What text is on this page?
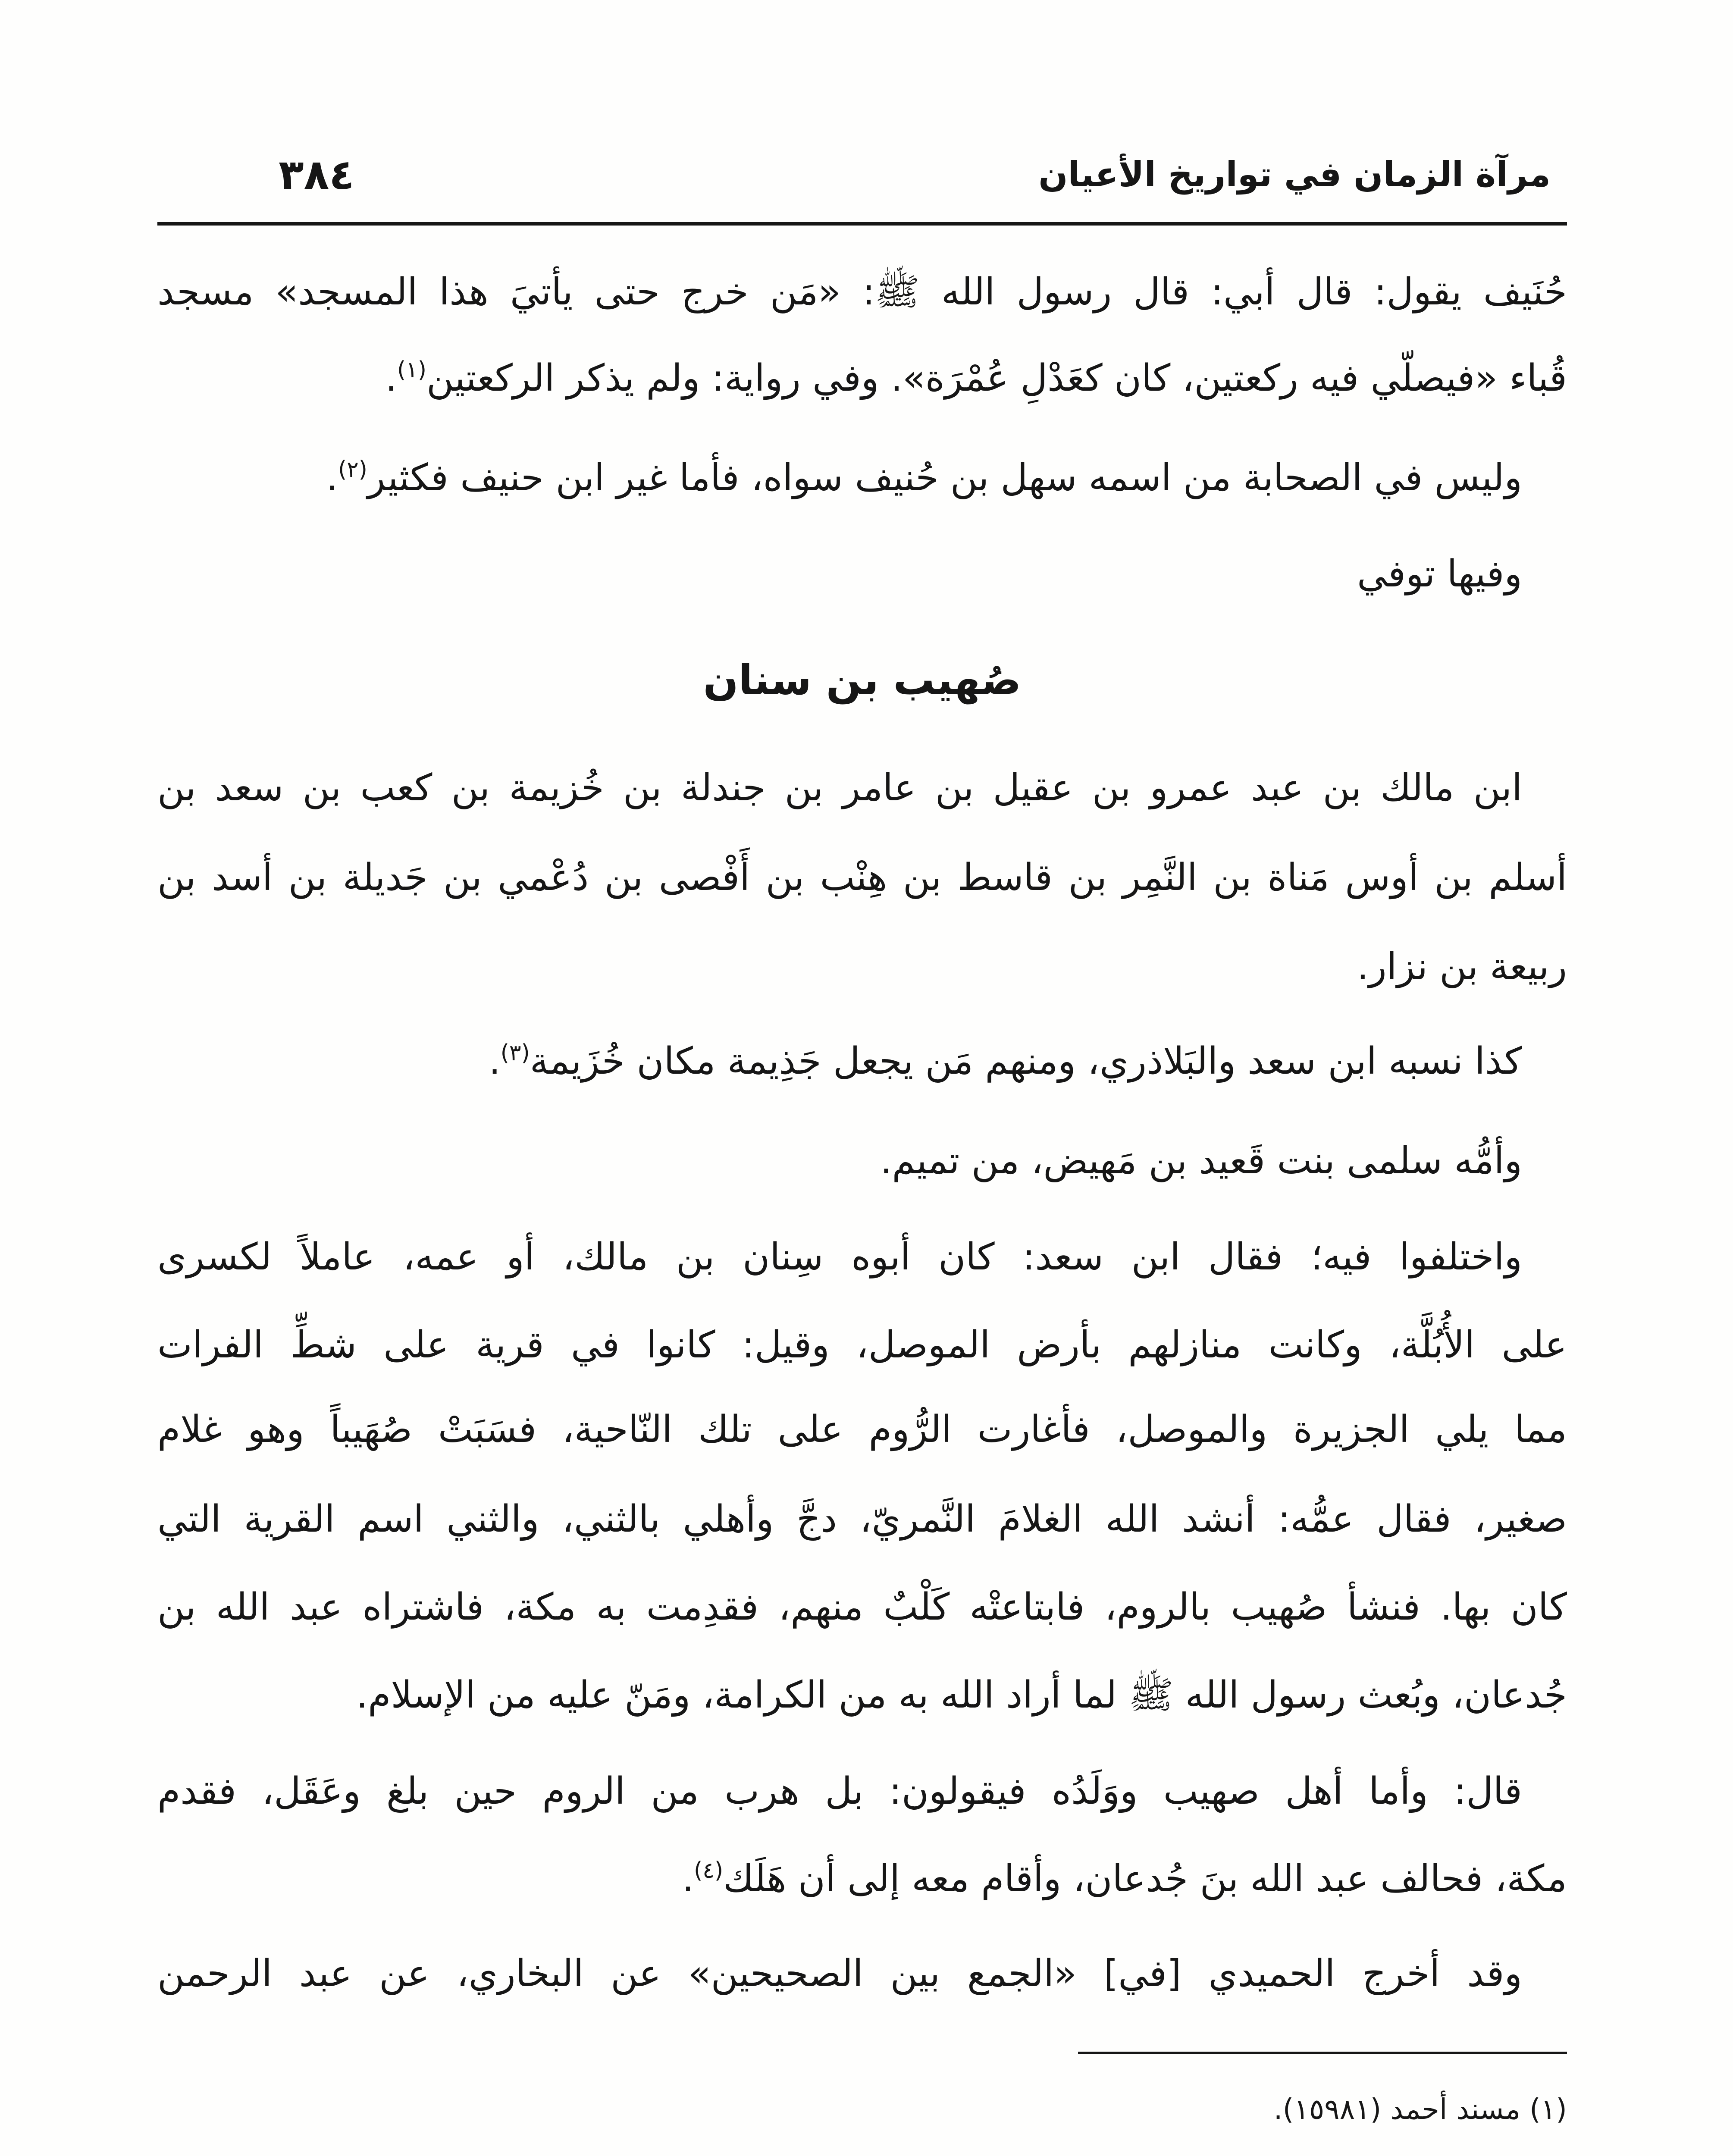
مرآة الزمان في تواريخ الأعيان
٣٨٤
حُنَيف يقول: قال أبي: قال رسول الله ﷺ: «مَن خرج حتى يأتيَ هذا المسجد» مسجد
قُباء «فيصلّي فيه ركعتين، كان كعَدْلِ عُمْرَة». وفي رواية: ولم يذكر الركعتين$^{(١)}$.
وليس في الصحابة من اسمه سهل بن حُنيف سواه، فأما غير ابن حنيف فكثير$^{(٢)}$.
وفيها توفي
صُهيب بن سنان
ابن مالك بن عبد عمرو بن عقيل بن عامر بن جندلة بن خُزيمة بن كعب بن سعد بن
أسلم بن أوس مَناة بن النَّمِر بن قاسط بن هِنْب بن أَفْصى بن دُعْمي بن جَديلة بن أسد بن
ربيعة بن نزار.
كذا نسبه ابن سعد والبَلاذري، ومنهم مَن يجعل جَذِيمة مكان خُزَيمة$^{(٣)}$.
وأمُّه سلمى بنت قَعيد بن مَهيض، من تميم.
واختلفوا فيه؛ فقال ابن سعد: كان أبوه سِنان بن مالك، أو عمه، عاملاً لكسرى
على الأُبُلَّة، وكانت منازلهم بأرض الموصل، وقيل: كانوا في قرية على شطِّ الفرات
مما يلي الجزيرة والموصل، فأغارت الرُّوم على تلك النّاحية، فسَبَتْ صُهَيباً وهو غلام
صغير، فقال عمُّه: أنشد الله الغلامَ النَّمريّ، دجَّ وأهلي بالثني، والثني اسم القرية التي
كان بها. فنشأ صُهيب بالروم، فابتاعتْه كَلْبٌ منهم، فقدِمت به مكة، فاشتراه عبد الله بن
جُدعان، وبُعث رسول الله ﷺ لما أراد الله به من الكرامة، ومَنّ عليه من الإسلام.
قال: وأما أهل صهيب ووَلَدُه فيقولون: بل هرب من الروم حين بلغ وعَقَل، فقدم
مكة، فحالف عبد الله بنَ جُدعان، وأقام معه إلى أن هَلَك$^{(٤)}$.
وقد أخرج الحميدي [في] «الجمع بين الصحيحين» عن البخاري، عن عبد الرحمن
(١) مسند أحمد (١٥٩٨١).
